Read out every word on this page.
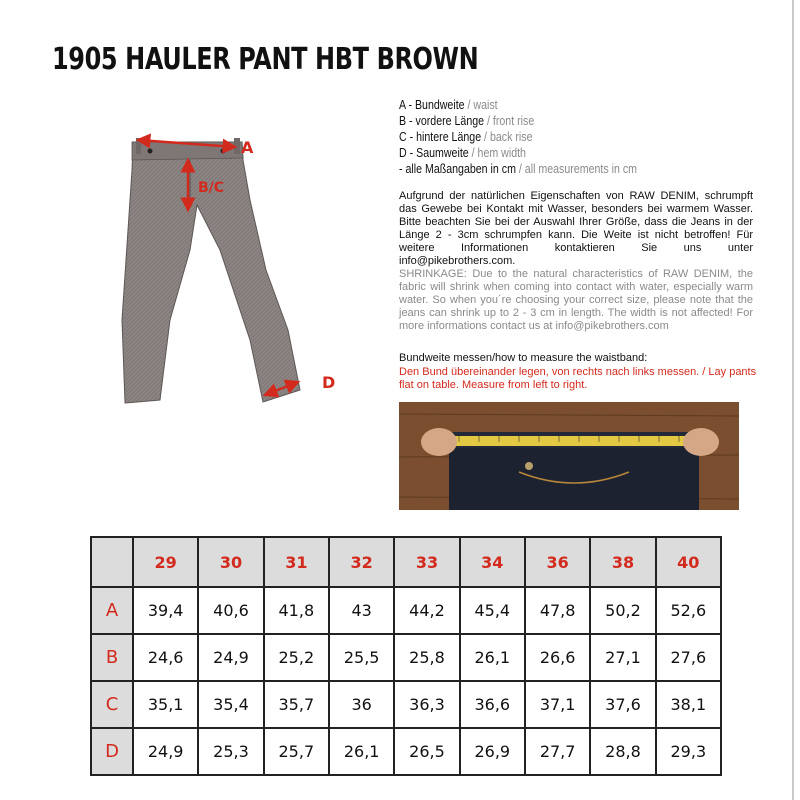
1905 HAULER PANT HBT BROWN
A
B/C
D
A - Bundweite / waist
B - vordere Länge / front rise
C - hintere Länge / back rise
D - Saumweite / hem width
- alle Maßangaben in cm / all measurements in cm
Aufgrund der natürlichen Eigenschaften von RAW DENIM, schrumpft das Gewebe bei Kontakt mit Wasser, besonders bei warmem Wasser. Bitte beachten Sie bei der Auswahl Ihrer Größe, dass die Jeans in der Länge 2 - 3cm schrumpfen kann. Die Weite ist nicht betroffen! Für weitere Informationen kontaktieren Sie uns unter info@pikebrothers.com.
SHRINKAGE: Due to the natural characteristics of RAW DENIM, the fabric will shrink when coming into contact with water, especially warm water. So when you´re choosing your correct size, please note that the jeans can shrink up to 2 - 3 cm in length. The width is not affected! For more informations contact us at info@pikebrothers.com
Bundweite messen/how to measure the waistband:
Den Bund übereinander legen, von rechts nach links messen. / Lay pants flat on table. Measure from left to right.
	29	30	31	32	33	34	36	38	40
A	39,4	40,6	41,8	43	44,2	45,4	47,8	50,2	52,6
B	24,6	24,9	25,2	25,5	25,8	26,1	26,6	27,1	27,6
C	35,1	35,4	35,7	36	36,3	36,6	37,1	37,6	38,1
D	24,9	25,3	25,7	26,1	26,5	26,9	27,7	28,8	29,3
